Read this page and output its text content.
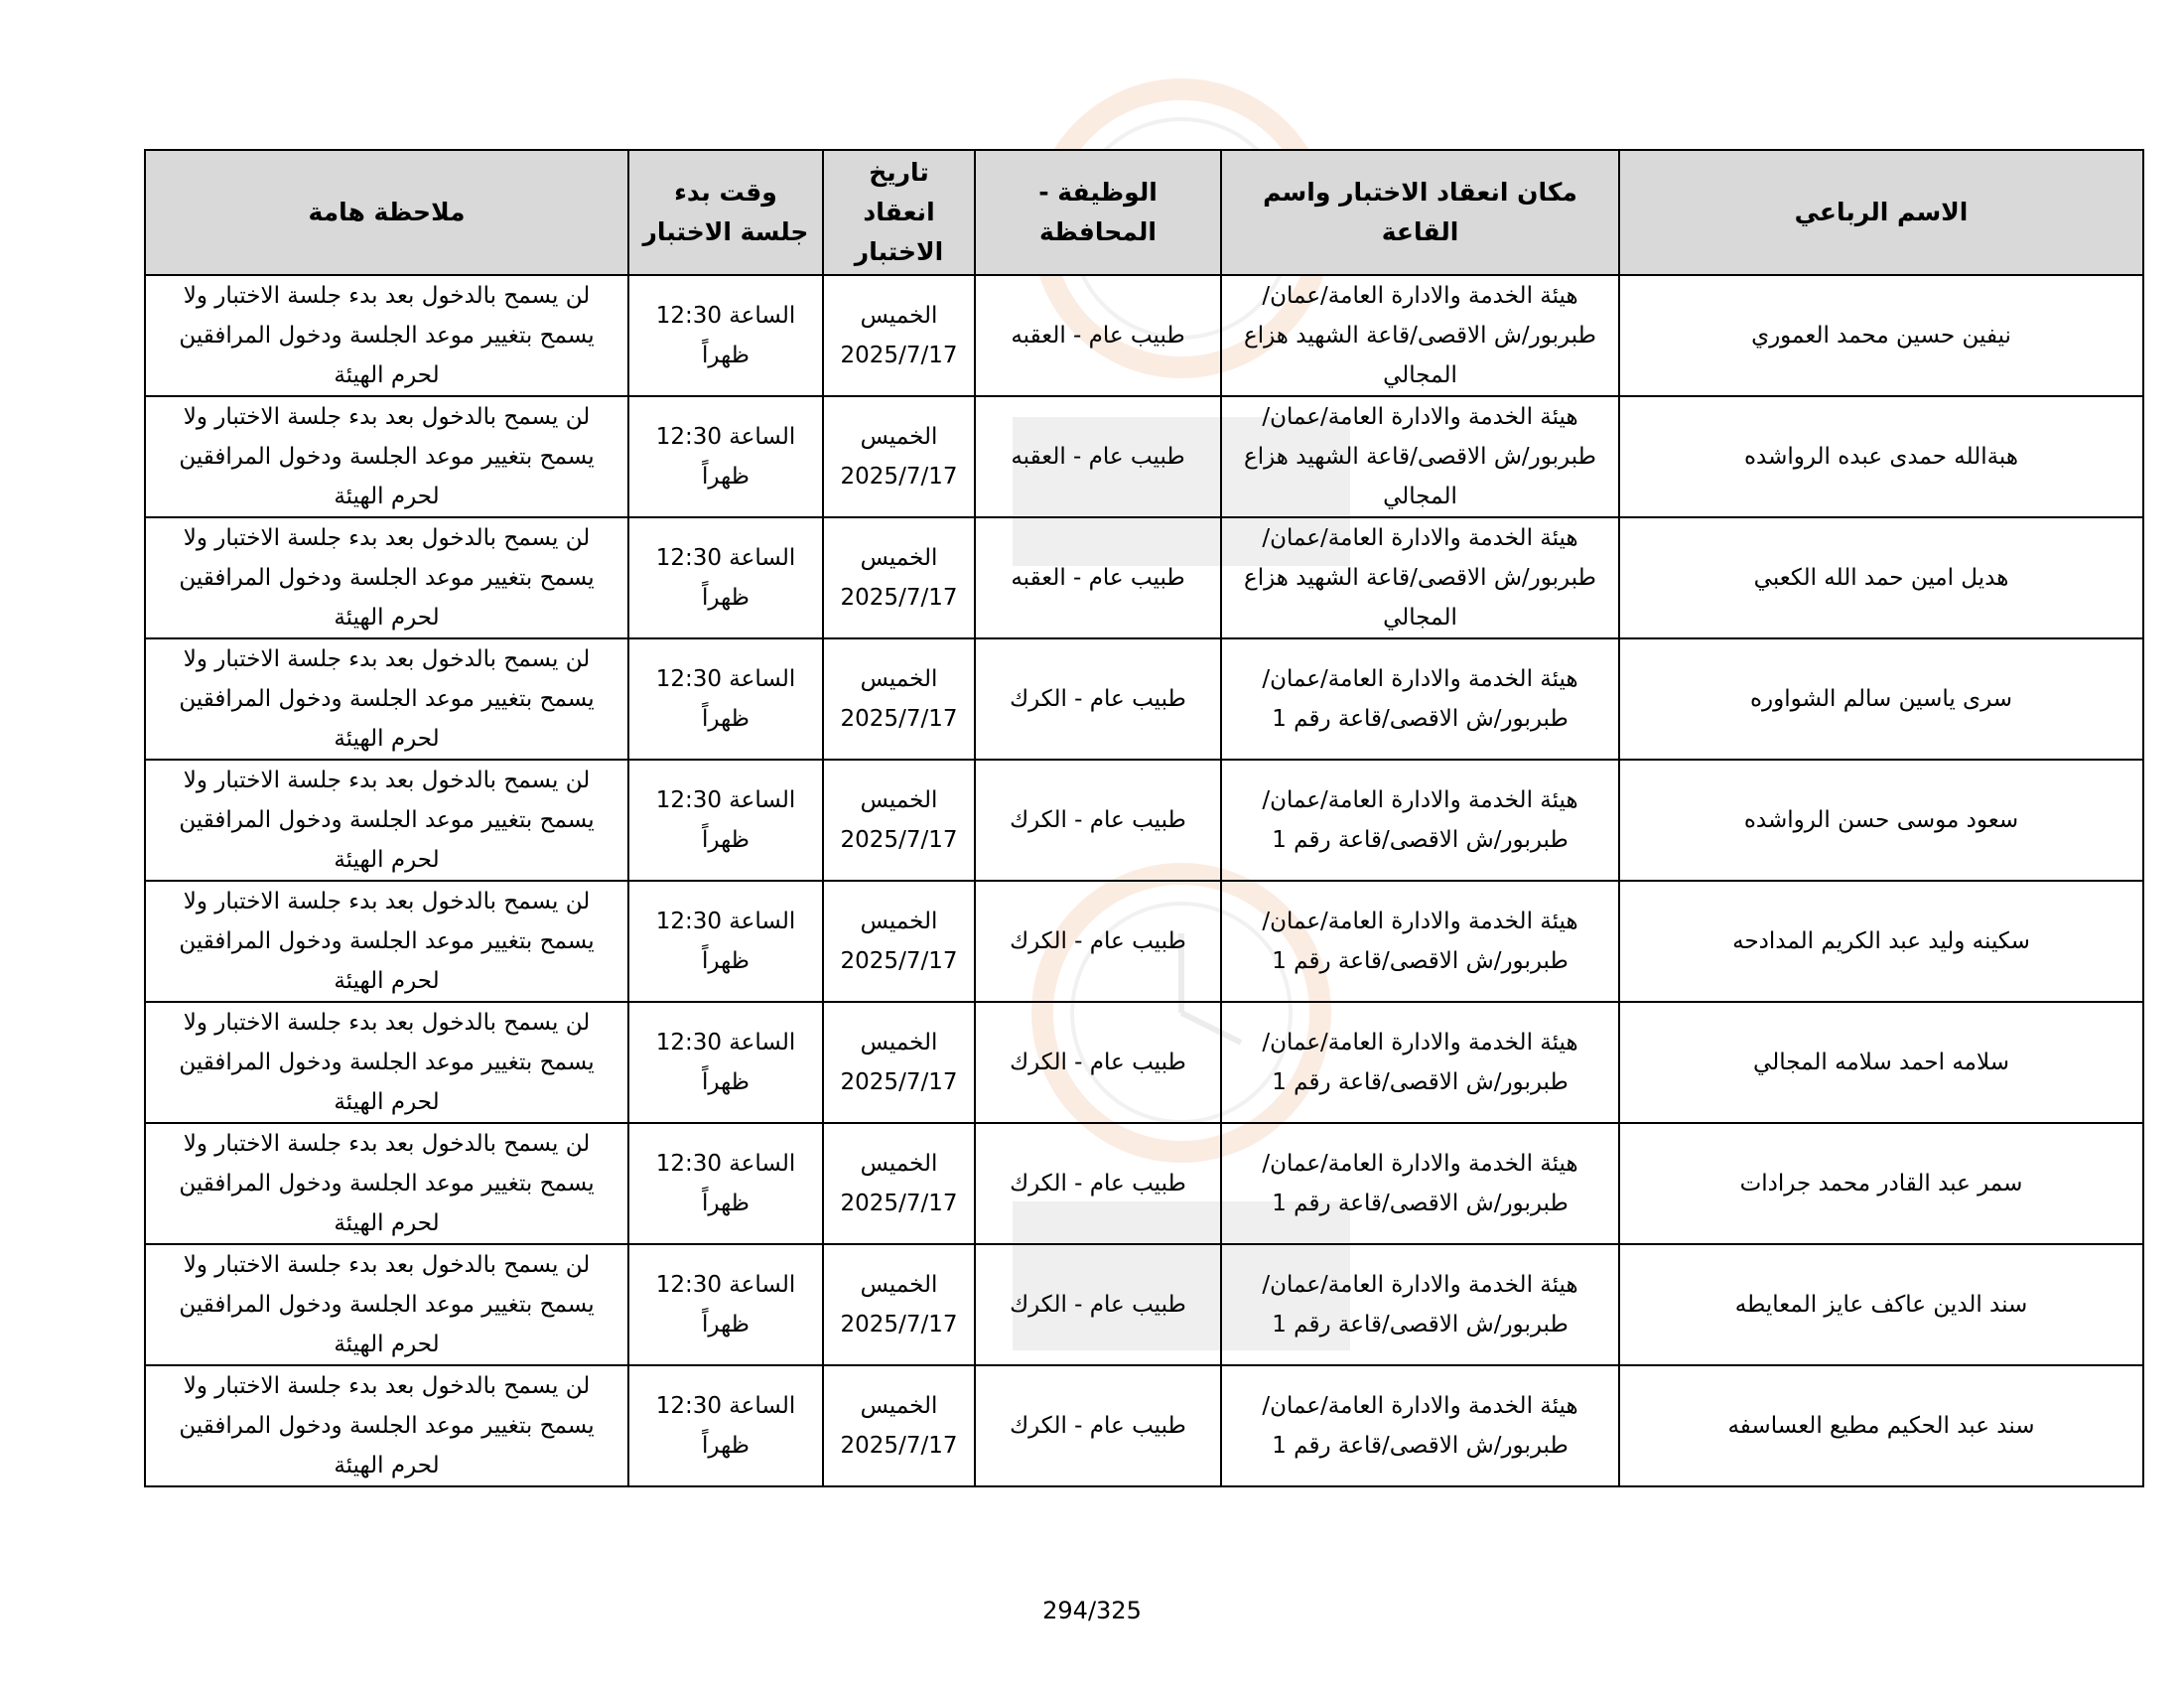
الاسم الرباعي	مكان انعقاد الاختبار واسم القاعة	الوظيفة - المحافظة	تاريخ انعقاد الاختبار	وقت بدء جلسة الاختبار	ملاحظة هامة
نيفين حسين محمد العموري	هيئة الخدمة والادارة العامة/عمان/طبربور/ش الاقصى/قاعة الشهيد هزاع المجالي	طبيب عام - العقبه	الخميس 2025/7/17	الساعة 12:30 ظهراً	لن يسمح بالدخول بعد بدء جلسة الاختبار ولا يسمح بتغيير موعد الجلسة ودخول المرافقين لحرم الهيئة
هبةالله حمدى عبده الرواشده	هيئة الخدمة والادارة العامة/عمان/طبربور/ش الاقصى/قاعة الشهيد هزاع المجالي	طبيب عام - العقبه	الخميس 2025/7/17	الساعة 12:30 ظهراً	لن يسمح بالدخول بعد بدء جلسة الاختبار ولا يسمح بتغيير موعد الجلسة ودخول المرافقين لحرم الهيئة
هديل امين حمد الله الكعبي	هيئة الخدمة والادارة العامة/عمان/طبربور/ش الاقصى/قاعة الشهيد هزاع المجالي	طبيب عام - العقبه	الخميس 2025/7/17	الساعة 12:30 ظهراً	لن يسمح بالدخول بعد بدء جلسة الاختبار ولا يسمح بتغيير موعد الجلسة ودخول المرافقين لحرم الهيئة
سرى ياسين سالم الشواوره	هيئة الخدمة والادارة العامة/عمان/طبربور/ش الاقصى/قاعة رقم 1	طبيب عام - الكرك	الخميس 2025/7/17	الساعة 12:30 ظهراً	لن يسمح بالدخول بعد بدء جلسة الاختبار ولا يسمح بتغيير موعد الجلسة ودخول المرافقين لحرم الهيئة
سعود موسى حسن الرواشده	هيئة الخدمة والادارة العامة/عمان/طبربور/ش الاقصى/قاعة رقم 1	طبيب عام - الكرك	الخميس 2025/7/17	الساعة 12:30 ظهراً	لن يسمح بالدخول بعد بدء جلسة الاختبار ولا يسمح بتغيير موعد الجلسة ودخول المرافقين لحرم الهيئة
سكينه وليد عبد الكريم المدادحه	هيئة الخدمة والادارة العامة/عمان/طبربور/ش الاقصى/قاعة رقم 1	طبيب عام - الكرك	الخميس 2025/7/17	الساعة 12:30 ظهراً	لن يسمح بالدخول بعد بدء جلسة الاختبار ولا يسمح بتغيير موعد الجلسة ودخول المرافقين لحرم الهيئة
سلامه احمد سلامه المجالي	هيئة الخدمة والادارة العامة/عمان/طبربور/ش الاقصى/قاعة رقم 1	طبيب عام - الكرك	الخميس 2025/7/17	الساعة 12:30 ظهراً	لن يسمح بالدخول بعد بدء جلسة الاختبار ولا يسمح بتغيير موعد الجلسة ودخول المرافقين لحرم الهيئة
سمر عبد القادر محمد جرادات	هيئة الخدمة والادارة العامة/عمان/طبربور/ش الاقصى/قاعة رقم 1	طبيب عام - الكرك	الخميس 2025/7/17	الساعة 12:30 ظهراً	لن يسمح بالدخول بعد بدء جلسة الاختبار ولا يسمح بتغيير موعد الجلسة ودخول المرافقين لحرم الهيئة
سند الدين عاكف عايز المعايطه	هيئة الخدمة والادارة العامة/عمان/طبربور/ش الاقصى/قاعة رقم 1	طبيب عام - الكرك	الخميس 2025/7/17	الساعة 12:30 ظهراً	لن يسمح بالدخول بعد بدء جلسة الاختبار ولا يسمح بتغيير موعد الجلسة ودخول المرافقين لحرم الهيئة
سند عبد الحكيم مطيع العساسفه	هيئة الخدمة والادارة العامة/عمان/طبربور/ش الاقصى/قاعة رقم 1	طبيب عام - الكرك	الخميس 2025/7/17	الساعة 12:30 ظهراً	لن يسمح بالدخول بعد بدء جلسة الاختبار ولا يسمح بتغيير موعد الجلسة ودخول المرافقين لحرم الهيئة
294/325
